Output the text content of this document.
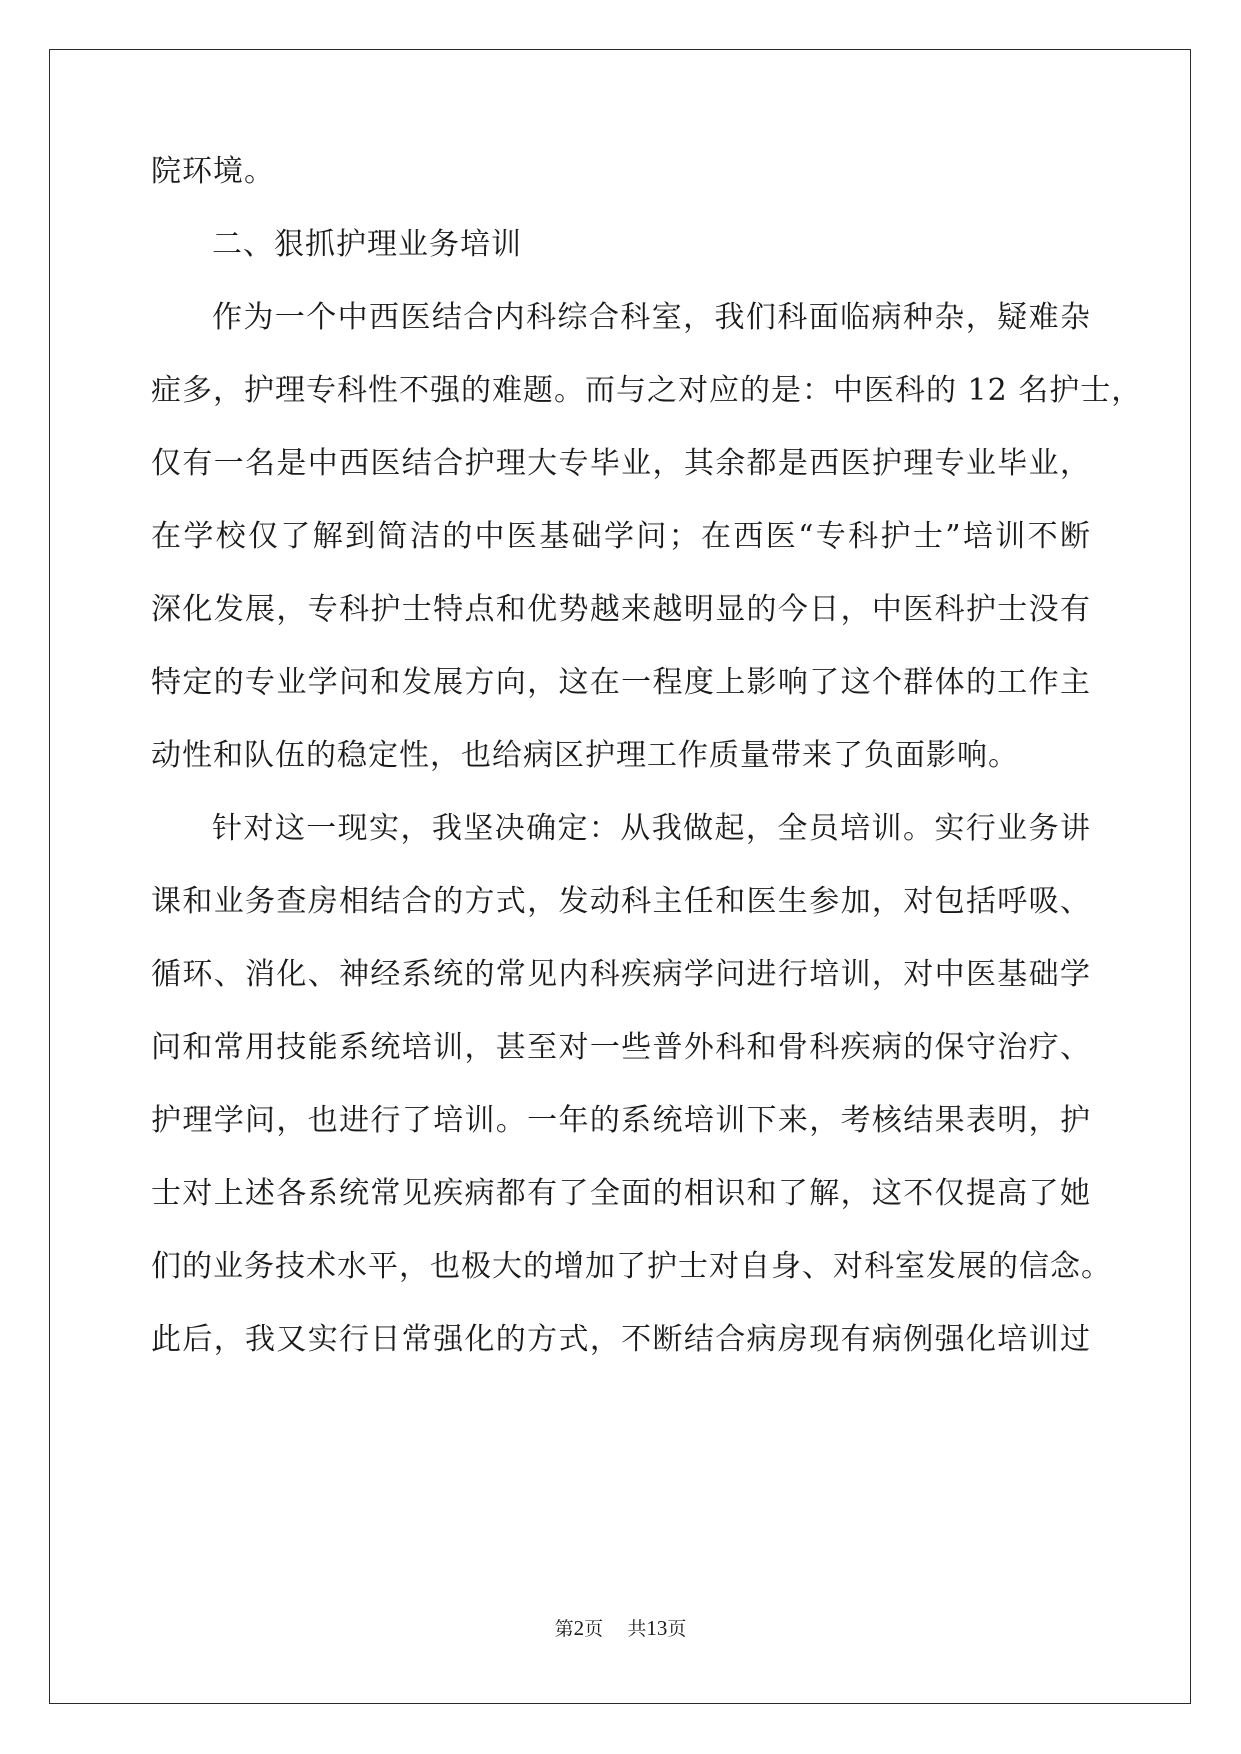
院环境。
二、狠抓护理业务培训
作为一个中西医结合内科综合科室，我们科面临病种杂，疑难杂
症多，护理专科性不强的难题。而与之对应的是：中医科的 12 名护士，
仅有一名是中西医结合护理大专毕业，其余都是西医护理专业毕业，
在学校仅了解到简洁的中医基础学问；在西医“专科护士”培训不断
深化发展，专科护士特点和优势越来越明显的今日，中医科护士没有
特定的专业学问和发展方向，这在一程度上影响了这个群体的工作主
动性和队伍的稳定性，也给病区护理工作质量带来了负面影响。
针对这一现实，我坚决确定：从我做起，全员培训。实行业务讲
课和业务查房相结合的方式，发动科主任和医生参加，对包括呼吸、
循环、消化、神经系统的常见内科疾病学问进行培训，对中医基础学
问和常用技能系统培训，甚至对一些普外科和骨科疾病的保守治疗、
护理学问，也进行了培训。一年的系统培训下来，考核结果表明，护
士对上述各系统常见疾病都有了全面的相识和了解，这不仅提高了她
们的业务技术水平，也极大的增加了护士对自身、对科室发展的信念。
此后，我又实行日常强化的方式，不断结合病房现有病例强化培训过
第2页 共13页
